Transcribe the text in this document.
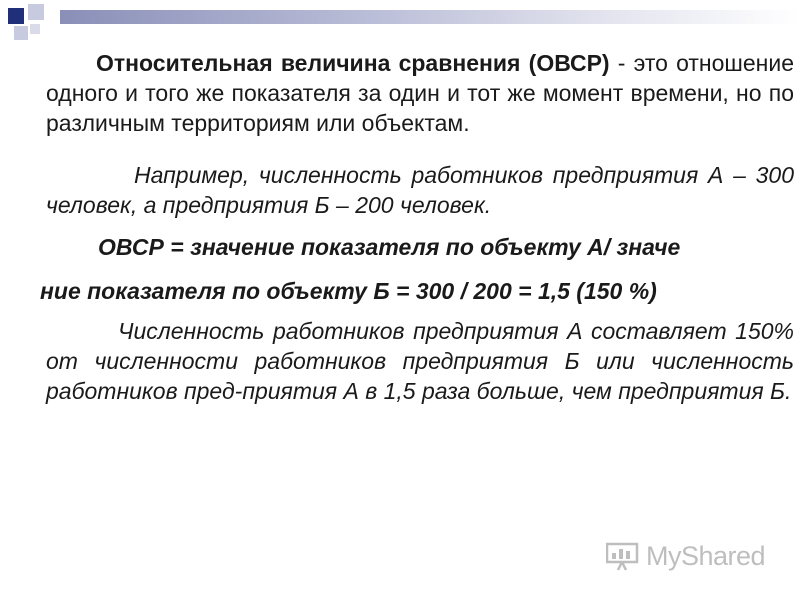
Относительная величина сравнения (ОВСР) - это отношение одного и того же показателя за один и тот же момент времени, но по различным территориям или объектам.

Например, численность работников предприятия А – 300 человек, а предприятия Б – 200 человек.

ОВСР = значение показателя по объекту А/ значе

ние показателя по объекту Б = 300 / 200 = 1,5 (150 %)

Численность работников предприятия А составляет 150% от численности работников предприятия Б или численность работников пред-приятия А в 1,5 раза больше, чем предприятия Б.

MyShared
